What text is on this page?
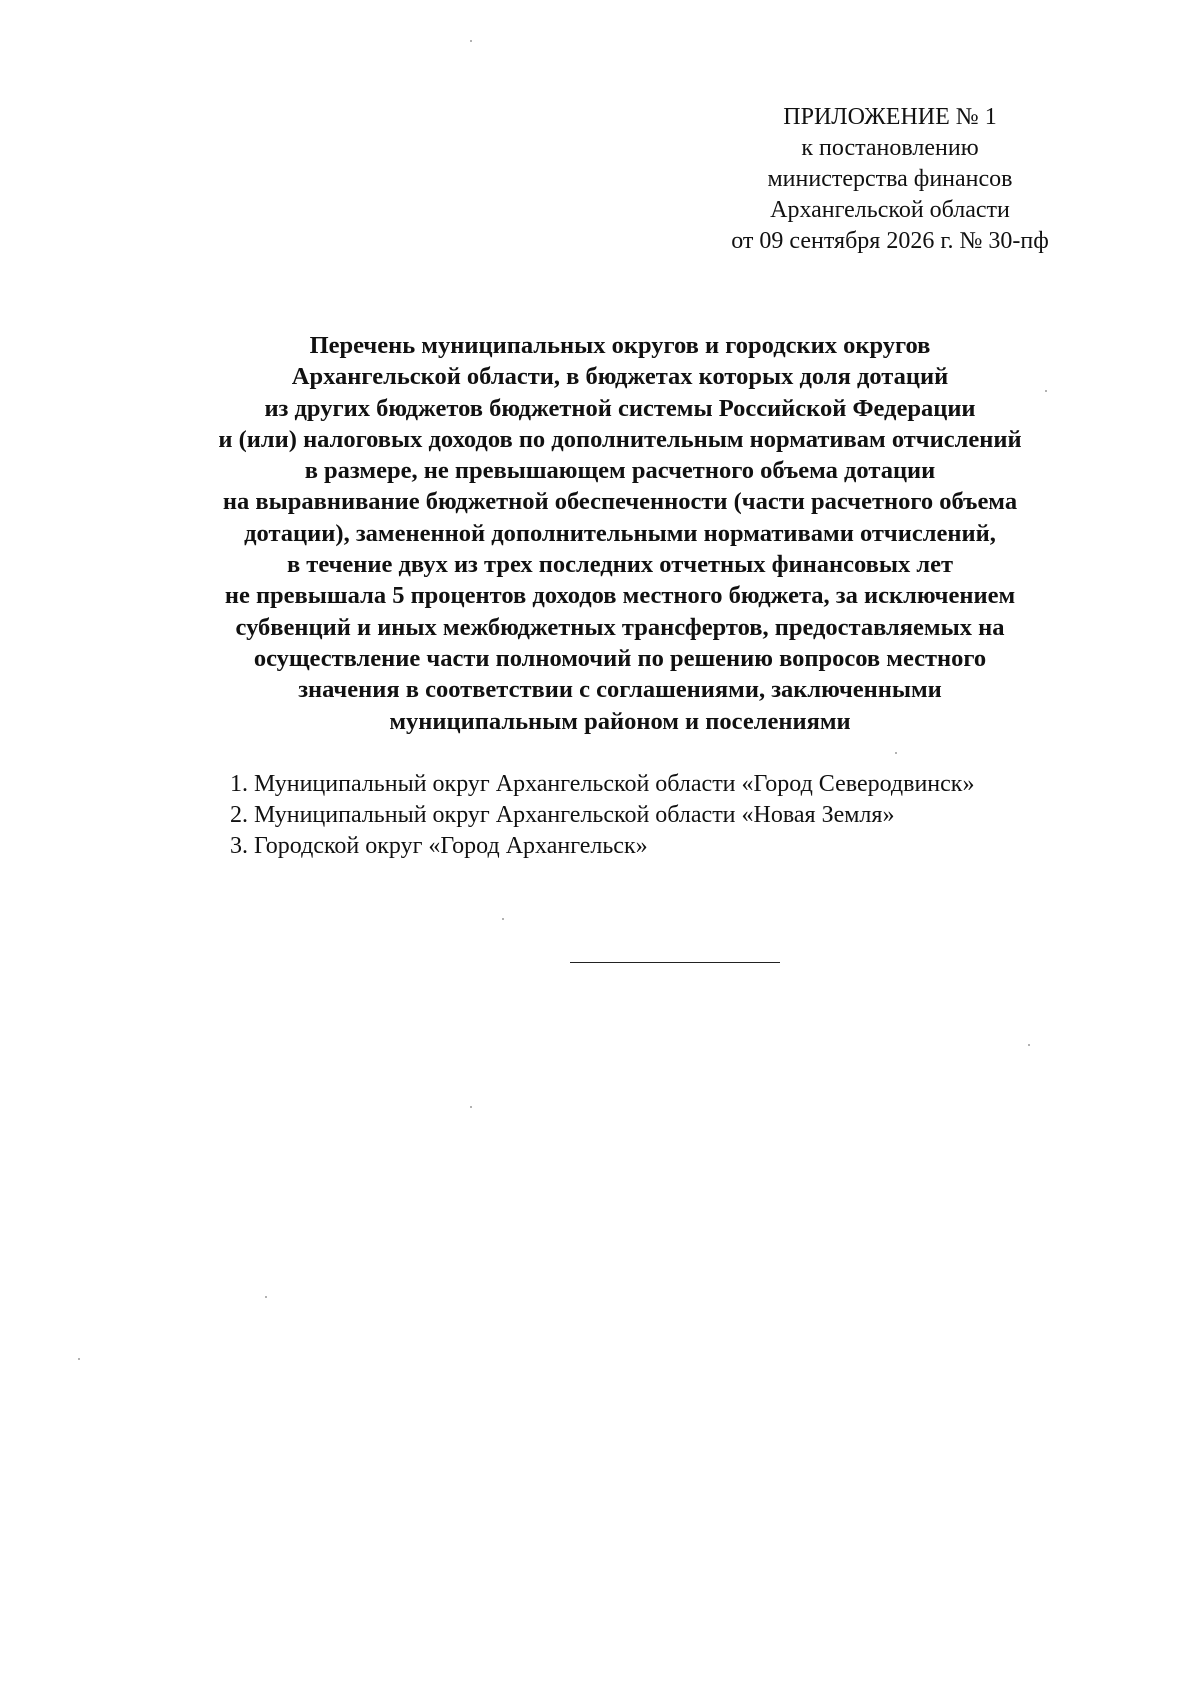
ПРИЛОЖЕНИЕ № 1
к постановлению
министерства финансов
Архангельской области
от 09 сентября 2026 г. № 30-пф
Перечень муниципальных округов и городских округов
Архангельской области, в бюджетах которых доля дотаций
из других бюджетов бюджетной системы Российской Федерации
и (или) налоговых доходов по дополнительным нормативам отчислений
в размере, не превышающем расчетного объема дотации
на выравнивание бюджетной обеспеченности (части расчетного объема
дотации), замененной дополнительными нормативами отчислений,
в течение двух из трех последних отчетных финансовых лет
не превышала 5 процентов доходов местного бюджета, за исключением
субвенций и иных межбюджетных трансфертов, предоставляемых на
осуществление части полномочий по решению вопросов местного
значения в соответствии с соглашениями, заключенными
муниципальным районом и поселениями
1. Муниципальный округ Архангельской области «Город Северодвинск»
2. Муниципальный округ Архангельской области «Новая Земля»
3. Городской округ «Город Архангельск»
